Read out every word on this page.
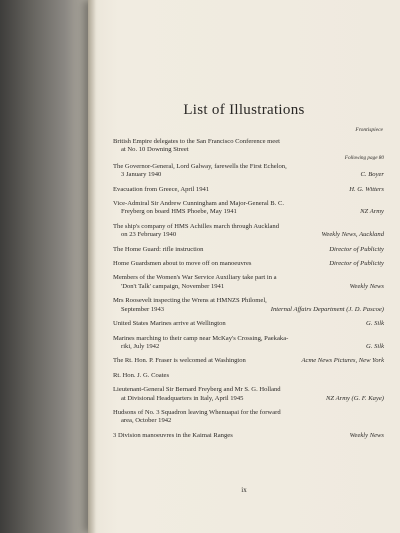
List of Illustrations
Frontispiece
British Empire delegates to the San Francisco Conference meet
at No. 10 Downing Street
Following page 80
The Governor-General, Lord Galway, farewells the First Echelon,
3 January 1940	C. Boyer
Evacuation from Greece, April 1941	H. G. Witters
Vice-Admiral Sir Andrew Cunningham and Major-General B. C.
Freyberg on board HMS Phoebe, May 1941	NZ Army
The ship's company of HMS Achilles march through Auckland
on 23 February 1940	Weekly News, Auckland
The Home Guard: rifle instruction	Director of Publicity
Home Guardsmen about to move off on manoeuvres	Director of Publicity
Members of the Women's War Service Auxiliary take part in a
'Don't Talk' campaign, November 1941	Weekly News
Mrs Roosevelt inspecting the Wrens at HMNZS Philomel,
September 1943	Internal Affairs Department (J. D. Pascoe)
United States Marines arrive at Wellington	G. Silk
Marines marching to their camp near McKay's Crossing, Paekaka-
riki, July 1942	G. Silk
The Rt. Hon. P. Fraser is welcomed at Washington	Acme News Pictures, New York
Rt. Hon. J. G. Coates
Lieutenant-General Sir Bernard Freyberg and Mr S. G. Holland
at Divisional Headquarters in Italy, April 1945	NZ Army (G. F. Kaye)
Hudsons of No. 3 Squadron leaving Whenuapai for the forward
area, October 1942
3 Division manoeuvres in the Kaimai Ranges	Weekly News
ix
